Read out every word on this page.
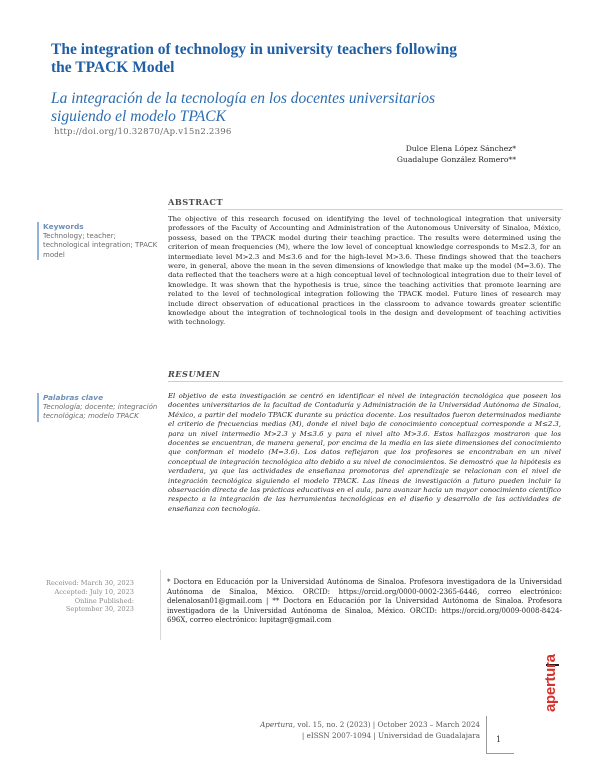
The integration of technology in university teachers following the TPACK Model
La integración de la tecnología en los docentes universitarios siguiendo el modelo TPACK
http://doi.org/10.32870/Ap.v15n2.2396
Dulce Elena López Sánchez*
Guadalupe González Romero**
ABSTRACT
The objective of this research focused on identifying the level of technological integration that university professors of the Faculty of Accounting and Administration of the Autonomous University of Sinaloa, México, possess, based on the TPACK model during their teaching practice. The results were determined using the criterion of mean frequencies (M), where the low level of conceptual knowledge corresponds to M≤2.3, for an intermediate level M>2.3 and M≤3.6 and for the high-level M>3.6. These findings showed that the teachers were, in general, above the mean in the seven dimensions of knowledge that make up the model (M=3.6). The data reflected that the teachers were at a high conceptual level of technological integration due to their level of knowledge. It was shown that the hypothesis is true, since the teaching activities that promote learning are related to the level of technological integration following the TPACK model. Future lines of research may include direct observation of educational practices in the classroom to advance towards greater scientific knowledge about the integration of technological tools in the design and development of teaching activities with technology.
Keywords
Technology; teacher; technological integration; TPACK model
RESUMEN
El objetivo de esta investigación se centró en identificar el nivel de integración tecnológica que poseen los docentes universitarios de la facultad de Contaduría y Administración de la Universidad Autónoma de Sinaloa, México, a partir del modelo TPACK durante su práctica docente. Los resultados fueron determinados mediante el criterio de frecuencias medias (M), donde el nivel bajo de conocimiento conceptual corresponde a M≤2.3, para un nivel intermedio M>2.3 y M≤3.6 y para el nivel alto M>3.6. Estos hallazgos mostraron que los docentes se encuentran, de manera general, por encima de la media en las siete dimensiones del conocimiento que conforman el modelo (M=3.6). Los datos reflejaron que los profesores se encontraban en un nivel conceptual de integración tecnológica alto debido a su nivel de conocimientos. Se demostró que la hipótesis es verdadera, ya que las actividades de enseñanza promotoras del aprendizaje se relacionan con el nivel de integración tecnológica siguiendo el modelo TPACK. Las líneas de investigación a futuro pueden incluir la observación directa de las prácticas educativas en el aula, para avanzar hacia un mayor conocimiento científico respecto a la integración de las herramientas tecnológicas en el diseño y desarrollo de las actividades de enseñanza con tecnología.
Palabras clave
Tecnología; docente; integración tecnológica; modelo TPACK
Received: March 30, 2023
Accepted: July 10, 2023
Online Published:
September 30, 2023
* Doctora en Educación por la Universidad Autónoma de Sinaloa. Profesora investigadora de la Universidad Autónoma de Sinaloa, México. ORCID: https://orcid.org/0000-0002-2365-6446, correo electrónico: delenalosan01@gmail.com | ** Doctora en Educación por la Universidad Autónoma de Sinaloa. Profesora investigadora de la Universidad Autónoma de Sinaloa, México. ORCID: https://orcid.org/0009-0008-8424-696X, correo electrónico: lupitagr@gmail.com
apertura
Apertura, vol. 15, no. 2 (2023) | October 2023 – March 2024
| eISSN 2007-1094 | Universidad de Guadalajara 1
